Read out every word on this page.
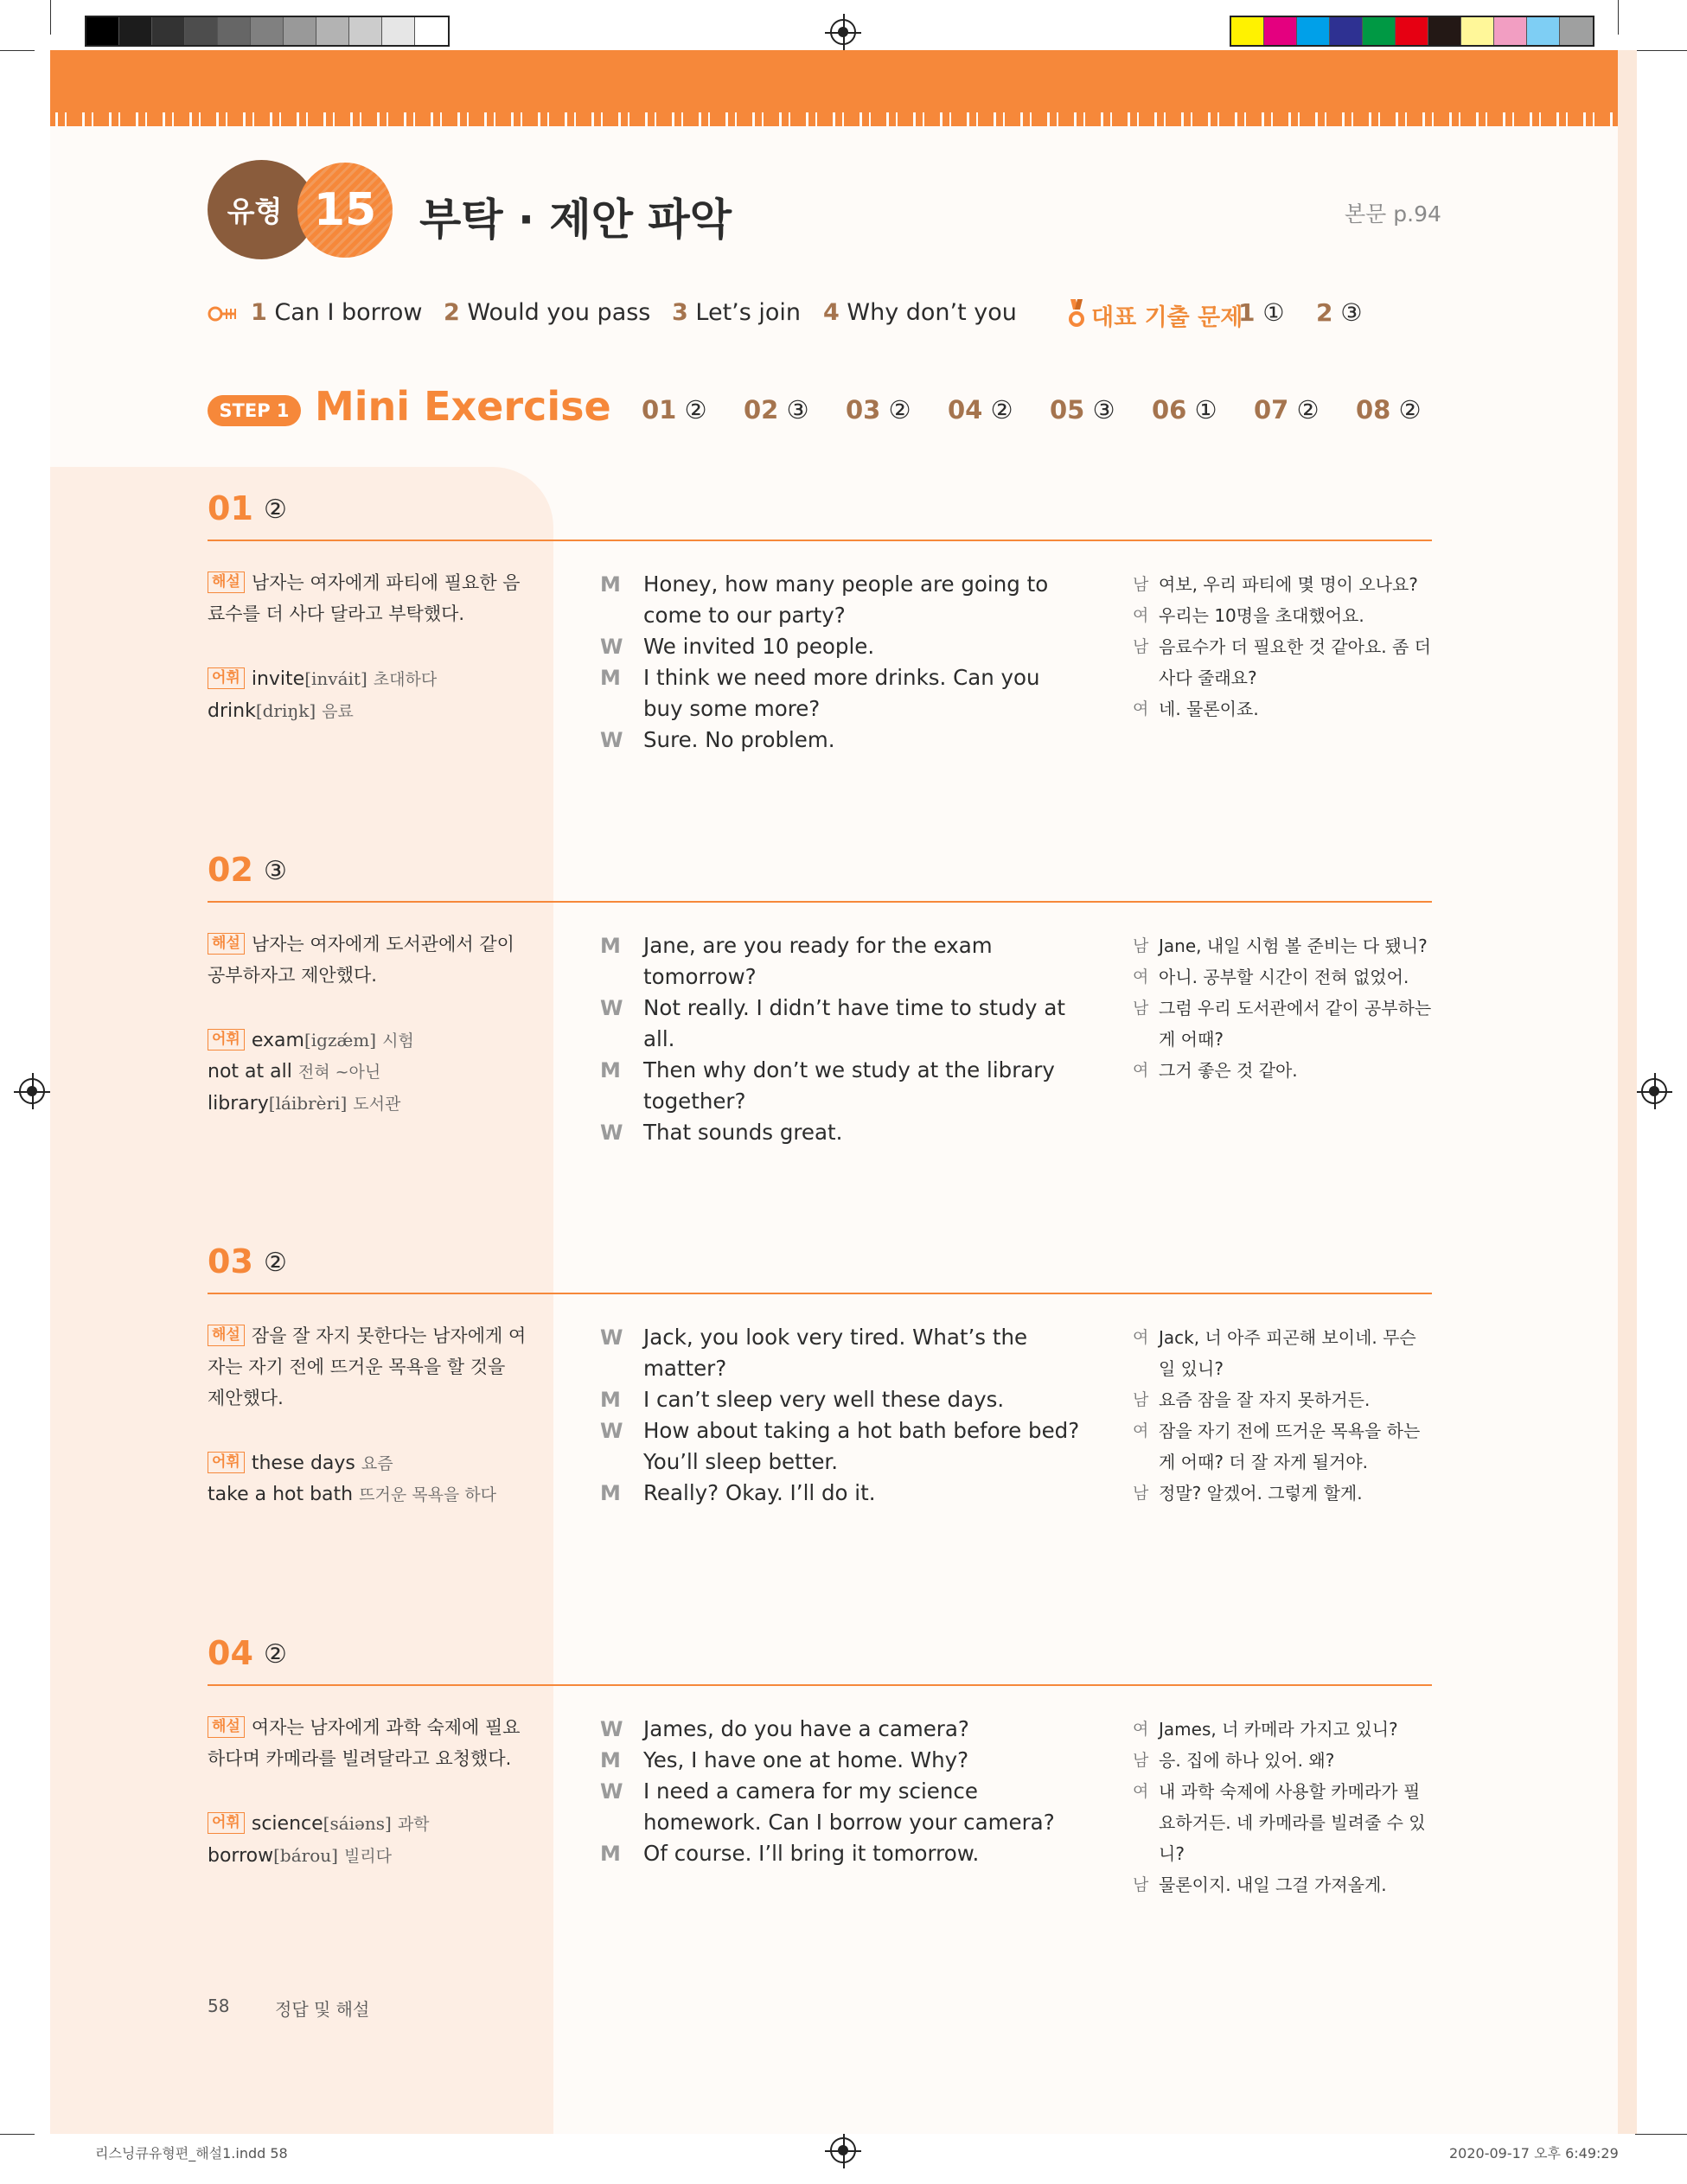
유형 15 부탁 · 제안 파악	본문 p.94
1 Can I borrow 2 Would you pass 3 Let’s join 4 Why don’t you	대표 기출 문제
1 ① 2 ③
STEP 1 Mini Exercise 01 ② 02 ③ 03 ② 04 ② 05 ③ 06 ① 07 ② 08 ②
01 ②
해설 남자는 여자에게 파티에 필요한 음료수를 더 사다 달라고 부탁했다.
어휘 invite[inváit] 초대하다
drink[driŋk] 음료
M Honey, how many people are going to come to our party?
W We invited 10 people.
M I think we need more drinks. Can you buy some more?
W Sure. No problem.
남 여보, 우리 파티에 몇 명이 오나요?
여 우리는 10명을 초대했어요.
남 음료수가 더 필요한 것 같아요. 좀 더 사다 줄래요?
여 네. 물론이죠.
02 ③
해설 남자는 여자에게 도서관에서 같이 공부하자고 제안했다.
어휘 exam[igzǽm] 시험
not at all 전혀 ~아닌
library[láibrèri] 도서관
M Jane, are you ready for the exam tomorrow?
W Not really. I didn’t have time to study at all.
M Then why don’t we study at the library together?
W That sounds great.
남 Jane, 내일 시험 볼 준비는 다 됐니?
여 아니. 공부할 시간이 전혀 없었어.
남 그럼 우리 도서관에서 같이 공부하는 게 어때?
여 그거 좋은 것 같아.
03 ②
해설 잠을 잘 자지 못한다는 남자에게 여자는 자기 전에 뜨거운 목욕을 할 것을 제안했다.
어휘 these days 요즘
take a hot bath 뜨거운 목욕을 하다
W Jack, you look very tired. What’s the matter?
M I can’t sleep very well these days.
W How about taking a hot bath before bed? You’ll sleep better.
M Really? Okay. I’ll do it.
여 Jack, 너 아주 피곤해 보이네. 무슨 일 있니?
남 요즘 잠을 잘 자지 못하거든.
여 잠을 자기 전에 뜨거운 목욕을 하는 게 어때? 더 잘 자게 될거야.
남 정말? 알겠어. 그렇게 할게.
04 ②
해설 여자는 남자에게 과학 숙제에 필요하다며 카메라를 빌려달라고 요청했다.
어휘 science[sáiəns] 과학
borrow[bárou] 빌리다
W James, do you have a camera?
M Yes, I have one at home. Why?
W I need a camera for my science homework. Can I borrow your camera?
M Of course. I’ll bring it tomorrow.
여 James, 너 카메라 가지고 있니?
남 응. 집에 하나 있어. 왜?
여 내 과학 숙제에 사용할 카메라가 필요하거든. 네 카메라를 빌려줄 수 있니?
남 물론이지. 내일 그걸 가져올게.
58	정답 및 해설
리스닝큐유형편_해설1.indd 58	2020-09-17 오후 6:49:29
